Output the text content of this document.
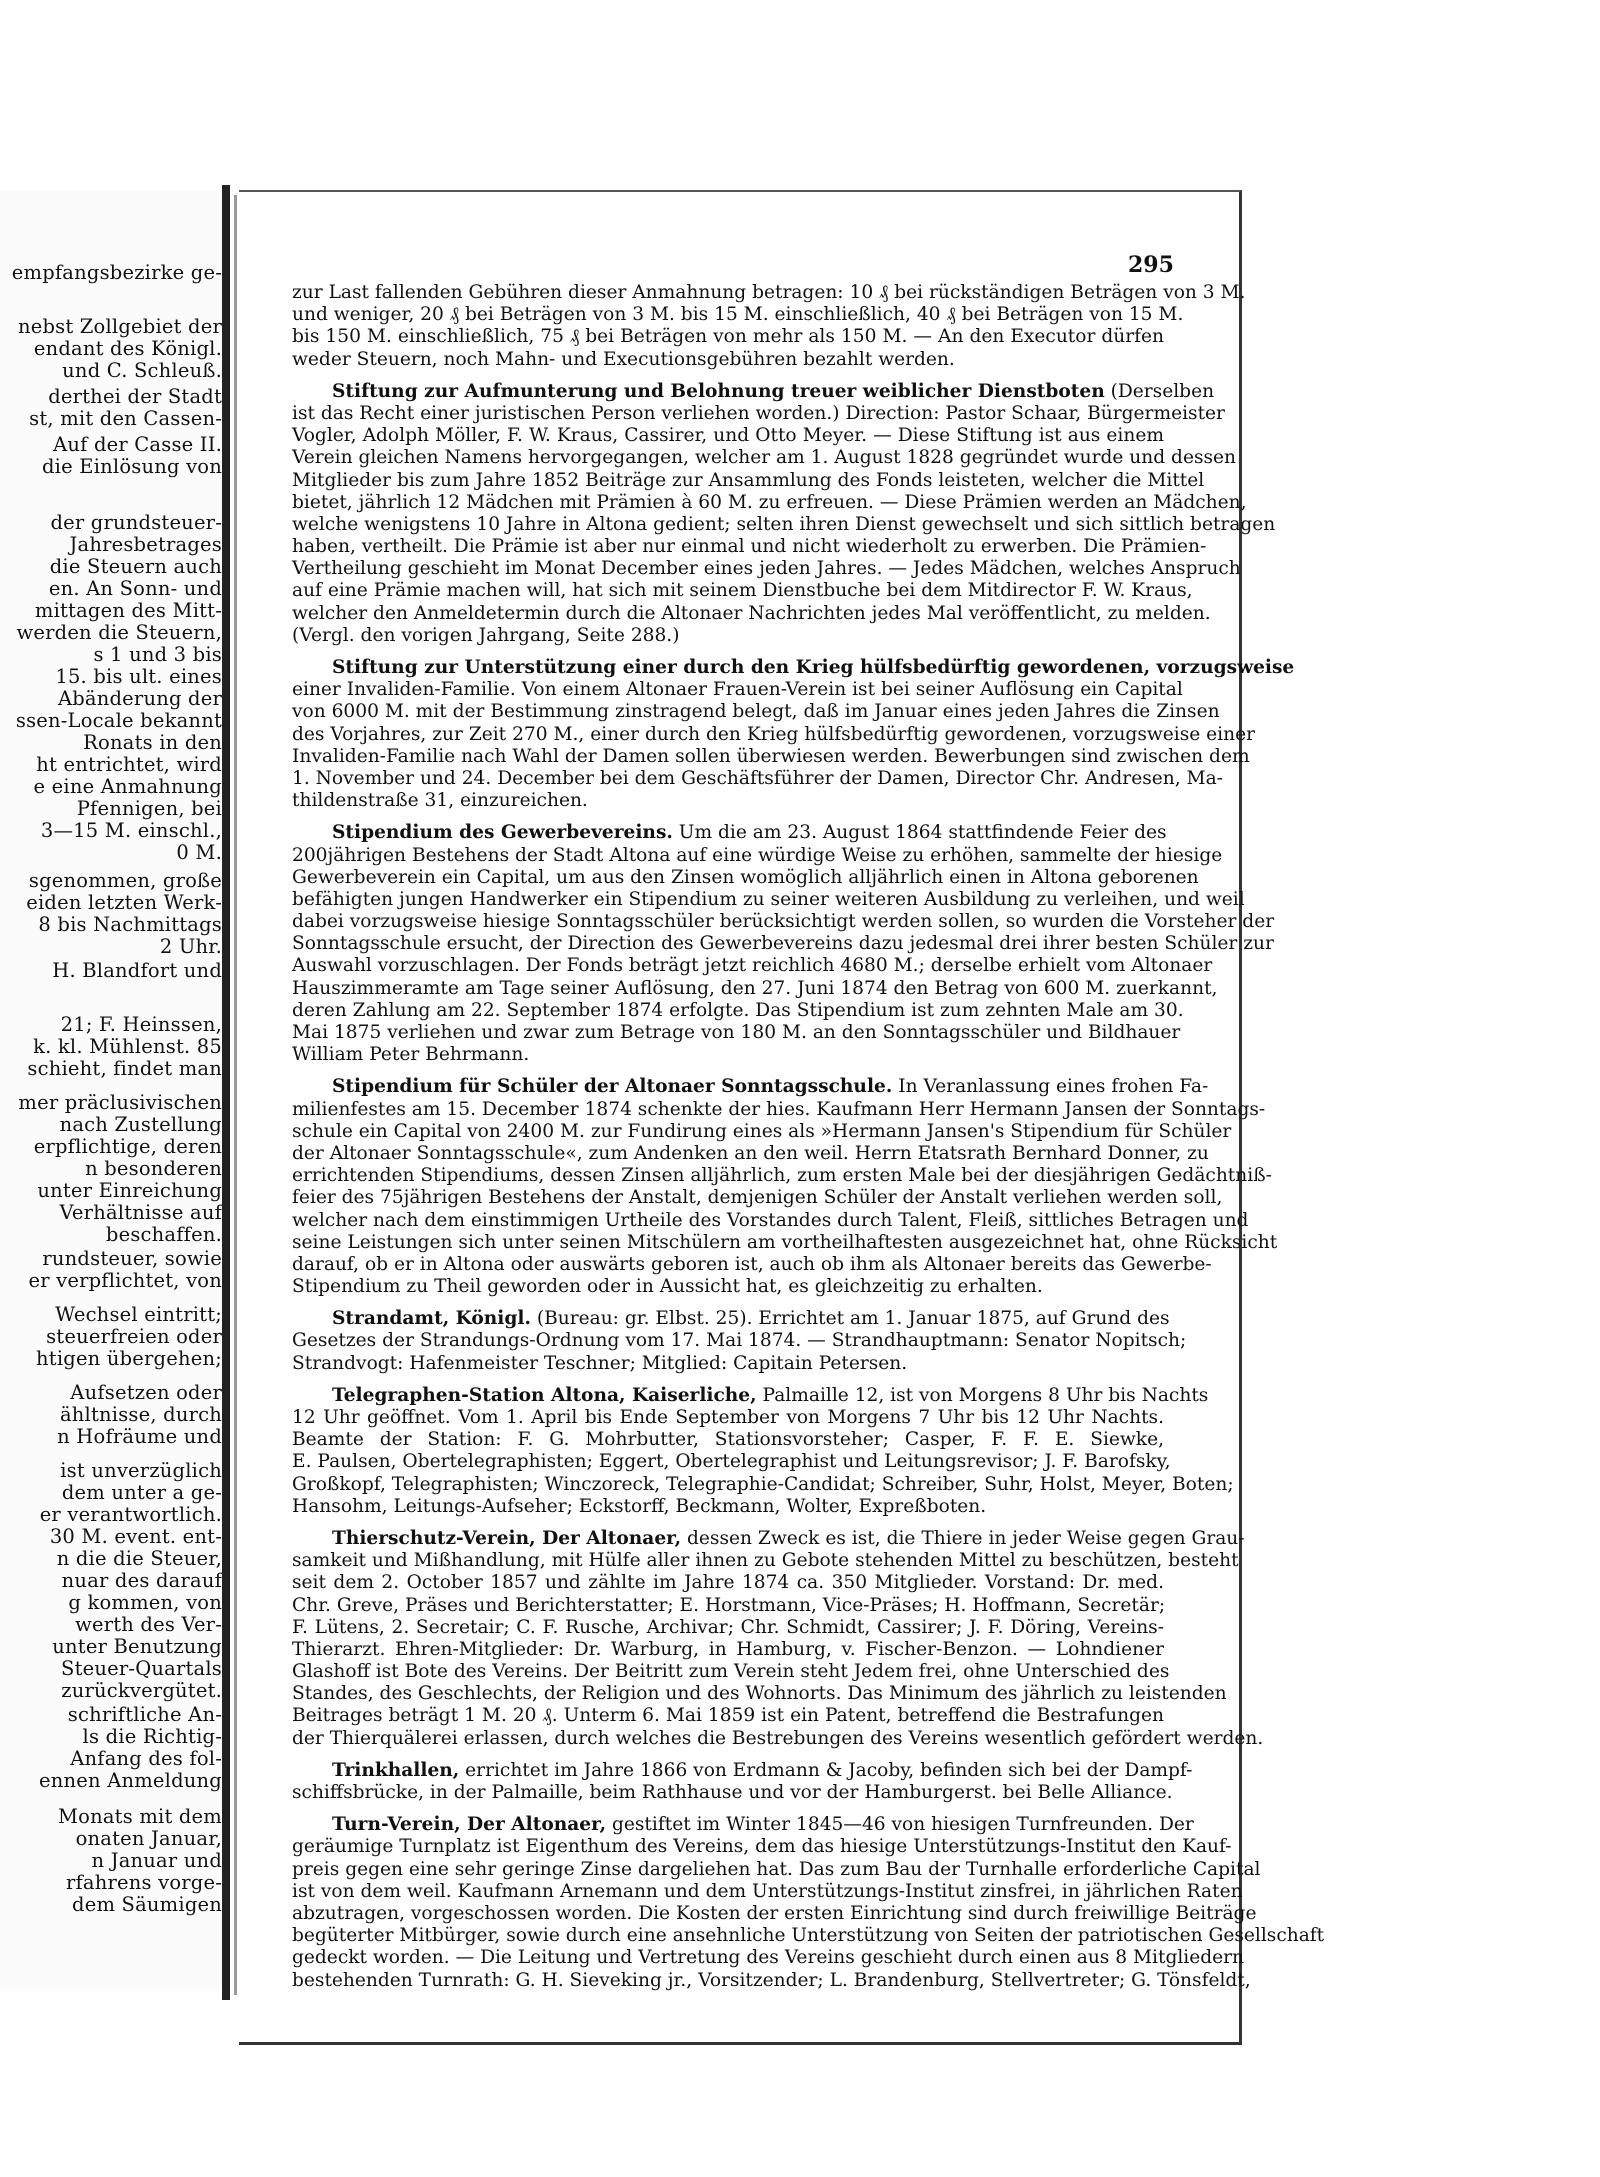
empfangsbezirke ge-
nebst Zollgebiet der
endant des Königl.
und C. Schleuß.
derthei der Stadt
st, mit den Cassen-
Auf der Casse II.
die Einlösung von
der grundsteuer-
Jahresbetrages
die Steuern auch
en. An Sonn- und
mittagen des Mitt-
werden die Steuern,
s 1 und 3 bis
15. bis ult. eines
Abänderung der
ssen-Locale bekannt
Ronats in den
ht entrichtet, wird
e eine Anmahnung
Pfennigen, bei
3—15 M. einschl.,
0 M.
sgenommen, große
eiden letzten Werk-
8 bis Nachmittags
2 Uhr.
H. Blandfort und
21; F. Heinssen,
k. kl. Mühlenst. 85
schieht, findet man
mer präclusivischen
nach Zustellung
erpflichtige, deren
n besonderen
unter Einreichung
Verhältnisse auf
beschaffen.
rundsteuer, sowie
er verpflichtet, von
Wechsel eintritt;
steuerfreien oder
htigen übergehen;
Aufsetzen oder
ähltnisse, durch
n Hofräume und
ist unverzüglich
dem unter a ge-
er verantwortlich.
30 M. event. ent-
n die die Steuer,
nuar des darauf
g kommen, von
werth des Ver-
unter Benutzung
Steuer-Quartals
zurückvergütet.
schriftliche An-
ls die Richtig-
Anfang des fol-
ennen Anmeldung
Monats mit dem
onaten Januar,
n Januar und
rfahrens vorge-
dem Säumigen
295
zur Last fallenden Gebühren dieser Anmahnung betragen: 10 ₰ bei rückständigen Beträgen von 3 M.
und weniger, 20 ₰ bei Beträgen von 3 M. bis 15 M. einschließlich, 40 ₰ bei Beträgen von 15 M.
bis 150 M. einschließlich, 75 ₰ bei Beträgen von mehr als 150 M. — An den Executor dürfen
weder Steuern, noch Mahn- und Executionsgebühren bezahlt werden.
Stiftung zur Aufmunterung und Belohnung treuer weiblicher Dienstboten (Derselben
ist das Recht einer juristischen Person verliehen worden.) Direction: Pastor Schaar, Bürgermeister
Vogler, Adolph Möller, F. W. Kraus, Cassirer, und Otto Meyer. — Diese Stiftung ist aus einem
Verein gleichen Namens hervorgegangen, welcher am 1. August 1828 gegründet wurde und dessen
Mitglieder bis zum Jahre 1852 Beiträge zur Ansammlung des Fonds leisteten, welcher die Mittel
bietet, jährlich 12 Mädchen mit Prämien à 60 M. zu erfreuen. — Diese Prämien werden an Mädchen,
welche wenigstens 10 Jahre in Altona gedient; selten ihren Dienst gewechselt und sich sittlich betragen
haben, vertheilt. Die Prämie ist aber nur einmal und nicht wiederholt zu erwerben. Die Prämien-
Vertheilung geschieht im Monat December eines jeden Jahres. — Jedes Mädchen, welches Anspruch
auf eine Prämie machen will, hat sich mit seinem Dienstbuche bei dem Mitdirector F. W. Kraus,
welcher den Anmeldetermin durch die Altonaer Nachrichten jedes Mal veröffentlicht, zu melden.
(Vergl. den vorigen Jahrgang, Seite 288.)
Stiftung zur Unterstützung einer durch den Krieg hülfsbedürftig gewordenen, vorzugsweise
einer Invaliden-Familie. Von einem Altonaer Frauen-Verein ist bei seiner Auflösung ein Capital
von 6000 M. mit der Bestimmung zinstragend belegt, daß im Januar eines jeden Jahres die Zinsen
des Vorjahres, zur Zeit 270 M., einer durch den Krieg hülfsbedürftig gewordenen, vorzugsweise einer
Invaliden-Familie nach Wahl der Damen sollen überwiesen werden. Bewerbungen sind zwischen dem
1. November und 24. December bei dem Geschäftsführer der Damen, Director Chr. Andresen, Ma-
thildenstraße 31, einzureichen.
Stipendium des Gewerbevereins. Um die am 23. August 1864 stattfindende Feier des
200jährigen Bestehens der Stadt Altona auf eine würdige Weise zu erhöhen, sammelte der hiesige
Gewerbeverein ein Capital, um aus den Zinsen womöglich alljährlich einen in Altona geborenen
befähigten jungen Handwerker ein Stipendium zu seiner weiteren Ausbildung zu verleihen, und weil
dabei vorzugsweise hiesige Sonntagsschüler berücksichtigt werden sollen, so wurden die Vorsteher der
Sonntagsschule ersucht, der Direction des Gewerbevereins dazu jedesmal drei ihrer besten Schüler zur
Auswahl vorzuschlagen. Der Fonds beträgt jetzt reichlich 4680 M.; derselbe erhielt vom Altonaer
Hauszimmeramte am Tage seiner Auflösung, den 27. Juni 1874 den Betrag von 600 M. zuerkannt,
deren Zahlung am 22. September 1874 erfolgte. Das Stipendium ist zum zehnten Male am 30.
Mai 1875 verliehen und zwar zum Betrage von 180 M. an den Sonntagsschüler und Bildhauer
William Peter Behrmann.
Stipendium für Schüler der Altonaer Sonntagsschule. In Veranlassung eines frohen Fa-
milienfestes am 15. December 1874 schenkte der hies. Kaufmann Herr Hermann Jansen der Sonntags-
schule ein Capital von 2400 M. zur Fundirung eines als »Hermann Jansen's Stipendium für Schüler
der Altonaer Sonntagsschule«, zum Andenken an den weil. Herrn Etatsrath Bernhard Donner, zu
errichtenden Stipendiums, dessen Zinsen alljährlich, zum ersten Male bei der diesjährigen Gedächtniß-
feier des 75jährigen Bestehens der Anstalt, demjenigen Schüler der Anstalt verliehen werden soll,
welcher nach dem einstimmigen Urtheile des Vorstandes durch Talent, Fleiß, sittliches Betragen und
seine Leistungen sich unter seinen Mitschülern am vortheilhaftesten ausgezeichnet hat, ohne Rücksicht
darauf, ob er in Altona oder auswärts geboren ist, auch ob ihm als Altonaer bereits das Gewerbe-
Stipendium zu Theil geworden oder in Aussicht hat, es gleichzeitig zu erhalten.
Strandamt, Königl. (Bureau: gr. Elbst. 25). Errichtet am 1. Januar 1875, auf Grund des
Gesetzes der Strandungs-Ordnung vom 17. Mai 1874. — Strandhauptmann: Senator Nopitsch;
Strandvogt: Hafenmeister Teschner; Mitglied: Capitain Petersen.
Telegraphen-Station Altona, Kaiserliche, Palmaille 12, ist von Morgens 8 Uhr bis Nachts
12 Uhr geöffnet. Vom 1. April bis Ende September von Morgens 7 Uhr bis 12 Uhr Nachts.
Beamte der Station: F. G. Mohrbutter, Stationsvorsteher; Casper, F. F. E. Siewke,
E. Paulsen, Obertelegraphisten; Eggert, Obertelegraphist und Leitungsrevisor; J. F. Barofsky,
Großkopf, Telegraphisten; Winczoreck, Telegraphie-Candidat; Schreiber, Suhr, Holst, Meyer, Boten;
Hansohm, Leitungs-Aufseher; Eckstorff, Beckmann, Wolter, Expreßboten.
Thierschutz-Verein, Der Altonaer, dessen Zweck es ist, die Thiere in jeder Weise gegen Grau-
samkeit und Mißhandlung, mit Hülfe aller ihnen zu Gebote stehenden Mittel zu beschützen, besteht
seit dem 2. October 1857 und zählte im Jahre 1874 ca. 350 Mitglieder. Vorstand: Dr. med.
Chr. Greve, Präses und Berichterstatter; E. Horstmann, Vice-Präses; H. Hoffmann, Secretär;
F. Lütens, 2. Secretair; C. F. Rusche, Archivar; Chr. Schmidt, Cassirer; J. F. Döring, Vereins-
Thierarzt. Ehren-Mitglieder: Dr. Warburg, in Hamburg, v. Fischer-Benzon. — Lohndiener
Glashoff ist Bote des Vereins. Der Beitritt zum Verein steht Jedem frei, ohne Unterschied des
Standes, des Geschlechts, der Religion und des Wohnorts. Das Minimum des jährlich zu leistenden
Beitrages beträgt 1 M. 20 ₰. Unterm 6. Mai 1859 ist ein Patent, betreffend die Bestrafungen
der Thierquälerei erlassen, durch welches die Bestrebungen des Vereins wesentlich gefördert werden.
Trinkhallen, errichtet im Jahre 1866 von Erdmann & Jacoby, befinden sich bei der Dampf-
schiffsbrücke, in der Palmaille, beim Rathhause und vor der Hamburgerst. bei Belle Alliance.
Turn-Verein, Der Altonaer, gestiftet im Winter 1845—46 von hiesigen Turnfreunden. Der
geräumige Turnplatz ist Eigenthum des Vereins, dem das hiesige Unterstützungs-Institut den Kauf-
preis gegen eine sehr geringe Zinse dargeliehen hat. Das zum Bau der Turnhalle erforderliche Capital
ist von dem weil. Kaufmann Arnemann und dem Unterstützungs-Institut zinsfrei, in jährlichen Raten
abzutragen, vorgeschossen worden. Die Kosten der ersten Einrichtung sind durch freiwillige Beiträge
begüterter Mitbürger, sowie durch eine ansehnliche Unterstützung von Seiten der patriotischen Gesellschaft
gedeckt worden. — Die Leitung und Vertretung des Vereins geschieht durch einen aus 8 Mitgliedern
bestehenden Turnrath: G. H. Sieveking jr., Vorsitzender; L. Brandenburg, Stellvertreter; G. Tönsfeldt,
